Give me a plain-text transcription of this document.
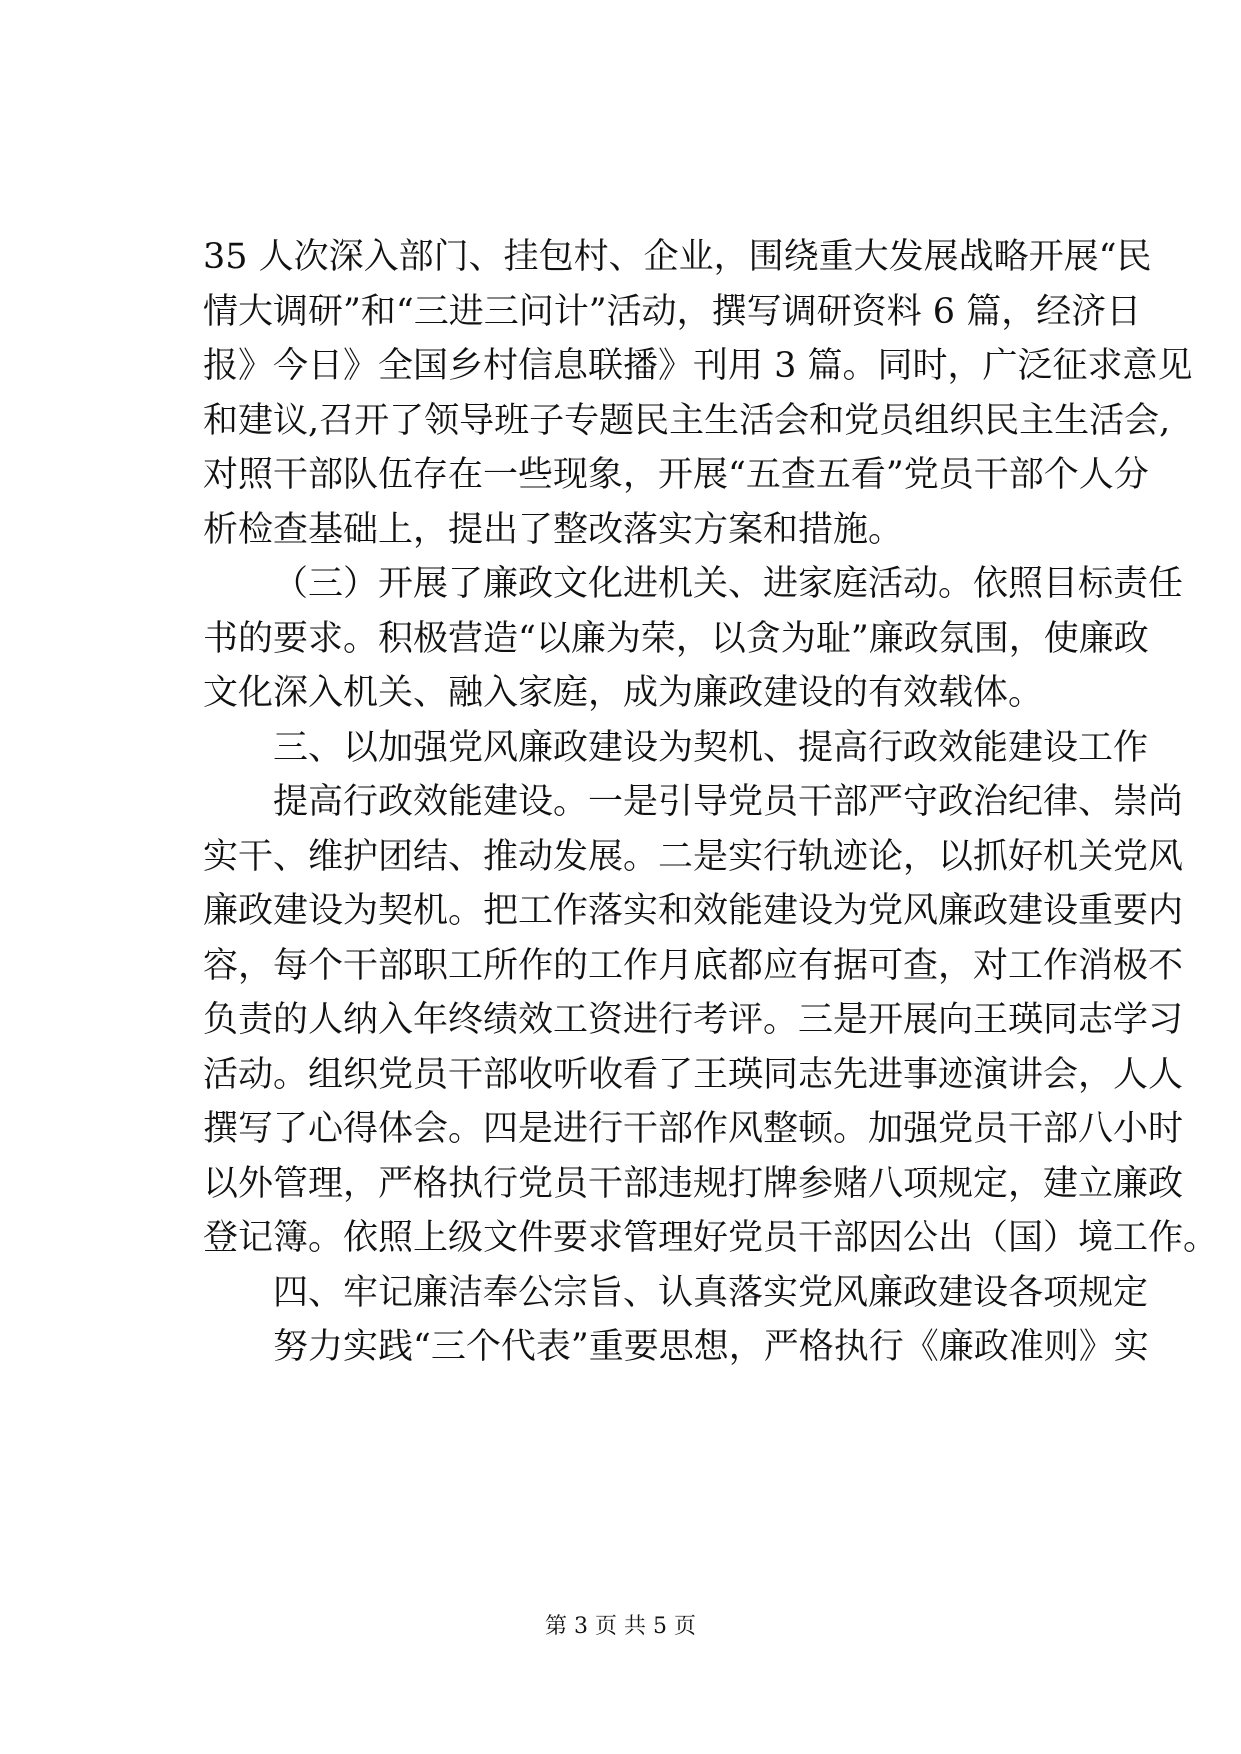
35 人次深入部门、挂包村、企业，围绕重大发展战略开展“民
情大调研”和“三进三问计”活动，撰写调研资料 6 篇，经济日
报》今日》全国乡村信息联播》刊用 3 篇。同时，广泛征求意见
和建议,召开了领导班子专题民主生活会和党员组织民主生活会,
对照干部队伍存在一些现象，开展“五查五看”党员干部个人分
析检查基础上，提出了整改落实方案和措施。
（三）开展了廉政文化进机关、进家庭活动。依照目标责任
书的要求。积极营造“以廉为荣，以贪为耻”廉政氛围，使廉政
文化深入机关、融入家庭，成为廉政建设的有效载体。
三、以加强党风廉政建设为契机、提高行政效能建设工作
提高行政效能建设。一是引导党员干部严守政治纪律、崇尚
实干、维护团结、推动发展。二是实行轨迹论，以抓好机关党风
廉政建设为契机。把工作落实和效能建设为党风廉政建设重要内
容，每个干部职工所作的工作月底都应有据可查，对工作消极不
负责的人纳入年终绩效工资进行考评。三是开展向王瑛同志学习
活动。组织党员干部收听收看了王瑛同志先进事迹演讲会，人人
撰写了心得体会。四是进行干部作风整顿。加强党员干部八小时
以外管理，严格执行党员干部违规打牌参赌八项规定，建立廉政
登记簿。依照上级文件要求管理好党员干部因公出（国）境工作。
四、牢记廉洁奉公宗旨、认真落实党风廉政建设各项规定
努力实践“三个代表”重要思想，严格执行《廉政准则》实
第 3 页 共 5 页
